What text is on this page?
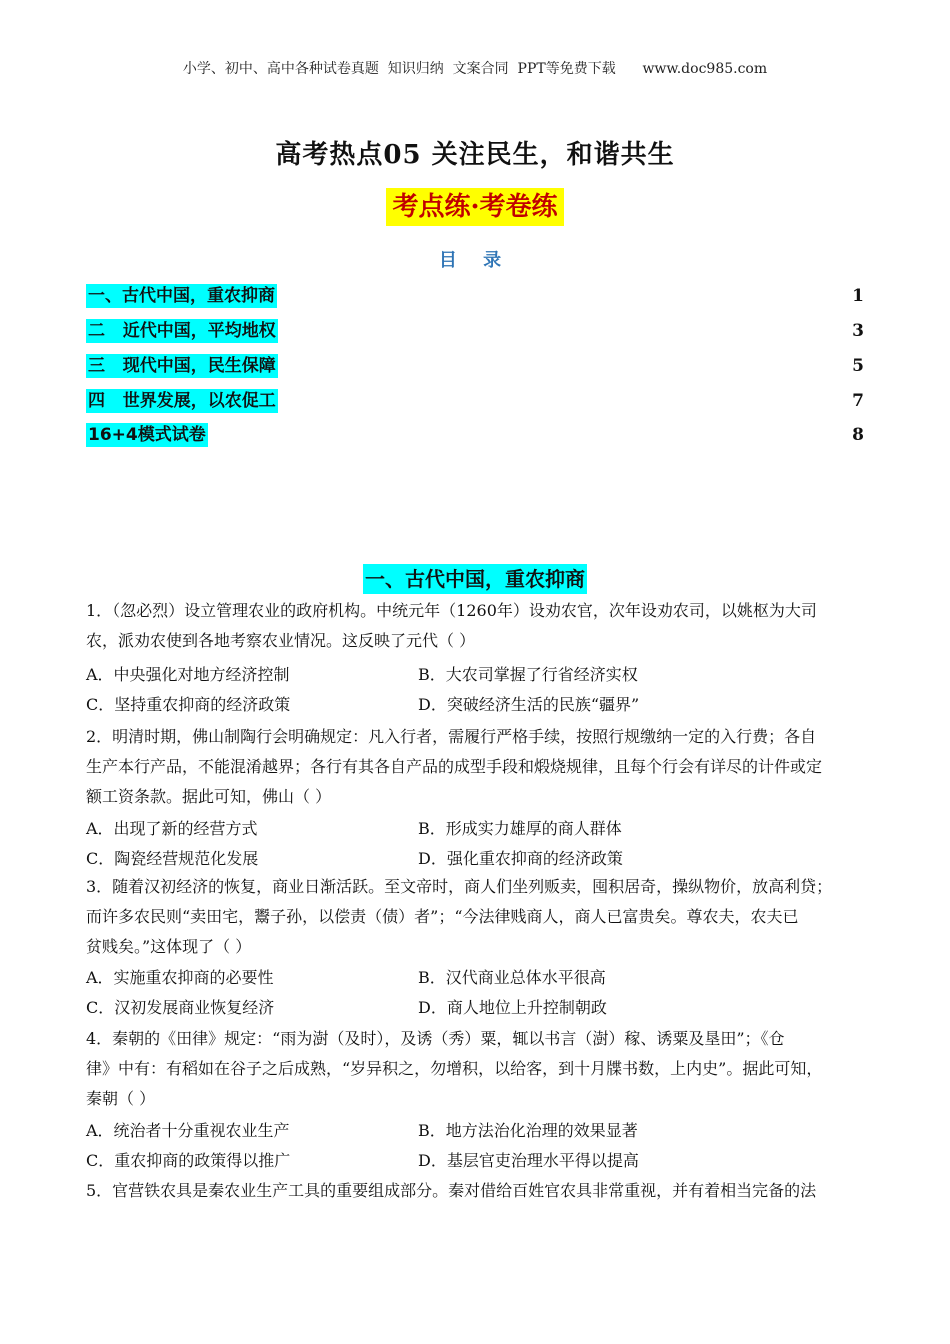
小学、初中、高中各种试卷真题  知识归纳  文案合同  PPT等免费下载      www.doc985.com
高考热点05 关注民生，和谐共生
考点练·考卷练
目 录
一、古代中国，重农抑商	1
二   近代中国，平均地权	3
三   现代中国，民生保障	5
四   世界发展，以农促工	7
16+4模式试卷	8
一、古代中国，重农抑商
1．（忽必烈）设立管理农业的政府机构。中统元年（1260年）设劝农官，次年设劝农司，以姚枢为大司
农，派劝农使到各地考察农业情况。这反映了元代（ ）
A．中央强化对地方经济控制	B．大农司掌握了行省经济实权
C．坚持重农抑商的经济政策	D．突破经济生活的民族“疆界”
2．明清时期，佛山制陶行会明确规定：凡入行者，需履行严格手续，按照行规缴纳一定的入行费；各自
生产本行产品，不能混淆越界；各行有其各自产品的成型手段和煅烧规律，且每个行会有详尽的计件或定
额工资条款。据此可知，佛山（ ）
A．出现了新的经营方式	B．形成实力雄厚的商人群体
C．陶瓷经营规范化发展	D．强化重农抑商的经济政策
3．随着汉初经济的恢复，商业日渐活跃。至文帝时，商人们坐列贩卖，囤积居奇，操纵物价，放高利贷；
而许多农民则“卖田宅，鬻子孙，以偿责（债）者”；“今法律贱商人，商人已富贵矣。尊农夫，农夫已
贫贱矣。”这体现了（ ）
A．实施重农抑商的必要性	B．汉代商业总体水平很高
C．汉初发展商业恢复经济	D．商人地位上升控制朝政
4．秦朝的《田律》规定：“雨为澍（及时），及诱（秀）粟，辄以书言（澍）稼、诱粟及垦田”；《仓
律》中有：有稻如在谷子之后成熟，“岁异积之，勿增积，以给客，到十月牒书数，上内史”。据此可知，
秦朝（ ）
A．统治者十分重视农业生产	B．地方法治化治理的效果显著
C．重农抑商的政策得以推广	D．基层官吏治理水平得以提高
5．官营铁农具是秦农业生产工具的重要组成部分。秦对借给百姓官农具非常重视，并有着相当完备的法
